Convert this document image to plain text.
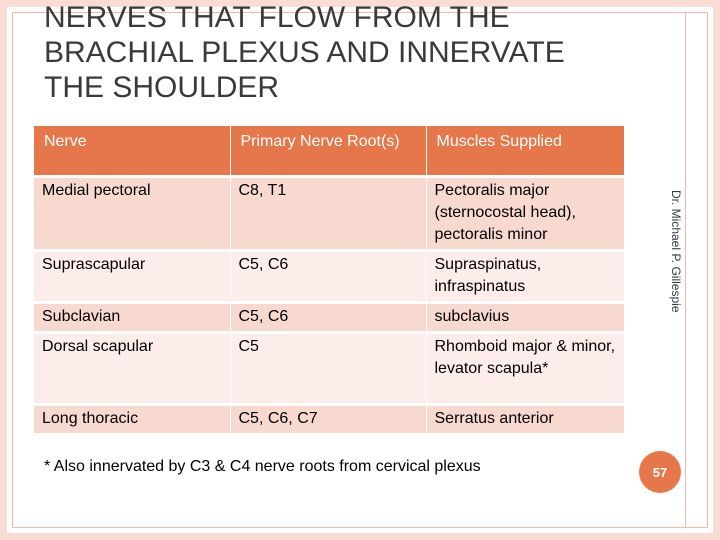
NERVES THAT FLOW FROM THE
BRACHIAL PLEXUS AND INNERVATE
THE SHOULDER
Nerve	Primary Nerve Root(s)	Muscles Supplied
Medial pectoral	C8, T1	Pectoralis major (sternocostal head), pectoralis minor
Suprascapular	C5, C6	Supraspinatus, infraspinatus
Subclavian	C5, C6	subclavius
Dorsal scapular	C5	Rhomboid major & minor, levator scapula*
Long thoracic	C5, C6, C7	Serratus anterior
* Also innervated by C3 & C4 nerve roots from cervical plexus
Dr. Michael P. Gillespie
57
